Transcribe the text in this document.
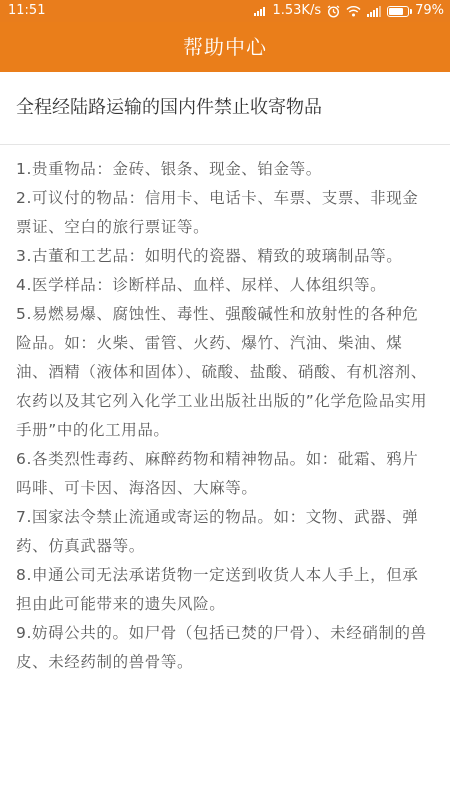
11:51	1.53K/s	79%
帮助中心
全程经陆路运输的国内件禁止收寄物品
1.贵重物品：金砖、银条、现金、铂金等。
2.可议付的物品：信用卡、电话卡、车票、支票、非现金票证、空白的旅行票证等。
3.古董和工艺品：如明代的瓷器、精致的玻璃制品等。
4.医学样品：诊断样品、血样、尿样、人体组织等。
5.易燃易爆、腐蚀性、毒性、强酸碱性和放射性的各种危险品。如：火柴、雷管、火药、爆竹、汽油、柴油、煤油、酒精（液体和固体）、硫酸、盐酸、硝酸、有机溶剂、农药以及其它列入化学工业出版社出版的”化学危险品实用手册”中的化工用品。
6.各类烈性毒药、麻醉药物和精神物品。如：砒霜、鸦片吗啡、可卡因、海洛因、大麻等。
7.国家法令禁止流通或寄运的物品。如：文物、武器、弹药、仿真武器等。
8.申通公司无法承诺货物一定送到收货人本人手上，但承担由此可能带来的遗失风险。
9.妨碍公共的。如尸骨（包括已焚的尸骨）、未经硝制的兽皮、未经药制的兽骨等。
